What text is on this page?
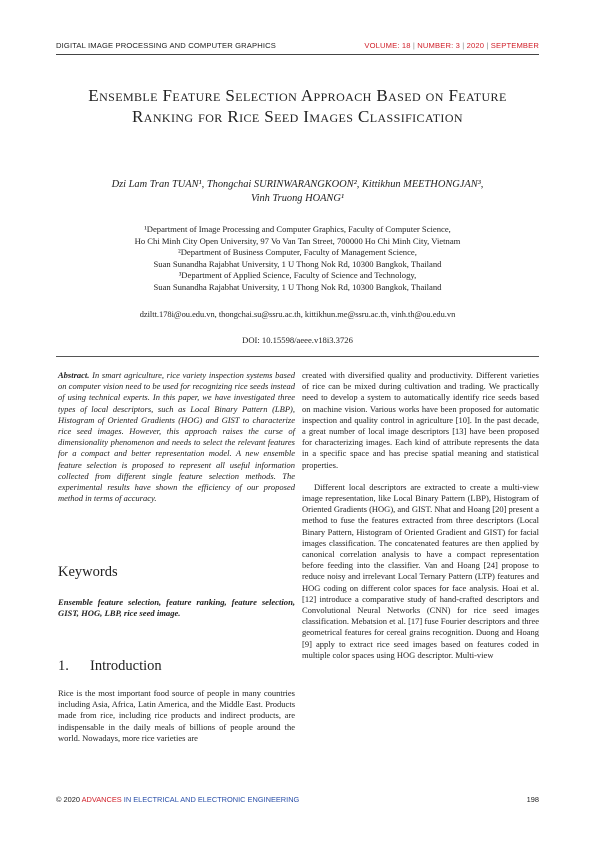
DIGITAL IMAGE PROCESSING AND COMPUTER GRAPHICS	VOLUME: 18 | NUMBER: 3 | 2020 | SEPTEMBER
Ensemble Feature Selection Approach Based on Feature Ranking for Rice Seed Images Classification
Dzi Lam Tran TUAN¹, Thongchai SURINWARANGKOON², Kittikhun MEETHONGJAN³,
Vinh Truong HOANG¹
¹Department of Image Processing and Computer Graphics, Faculty of Computer Science,
Ho Chi Minh City Open University, 97 Vo Van Tan Street, 700000 Ho Chi Minh City, Vietnam
²Department of Business Computer, Faculty of Management Science,
Suan Sunandha Rajabhat University, 1 U Thong Nok Rd, 10300 Bangkok, Thailand
³Department of Applied Science, Faculty of Science and Technology,
Suan Sunandha Rajabhat University, 1 U Thong Nok Rd, 10300 Bangkok, Thailand
dziltt.178i@ou.edu.vn, thongchai.su@ssru.ac.th, kittikhun.me@ssru.ac.th, vinh.th@ou.edu.vn
DOI: 10.15598/aeee.v18i3.3726
Abstract. In smart agriculture, rice variety inspection systems based on computer vision need to be used for recognizing rice seeds instead of using technical experts. In this paper, we have investigated three types of local descriptors, such as Local Binary Pattern (LBP), Histogram of Oriented Gradients (HOG) and GIST to characterize rice seed images. However, this approach raises the curse of dimensionality phenomenon and needs to select the relevant features for a compact and better representation model. A new ensemble feature selection is proposed to represent all useful information collected from different single feature selection methods. The experimental results have shown the efficiency of our proposed method in terms of accuracy.
Keywords
Ensemble feature selection, feature ranking, feature selection, GIST, HOG, LBP, rice seed image.
1. Introduction
Rice is the most important food source of people in many countries including Asia, Africa, Latin America, and the Middle East. Products made from rice, including rice products and indirect products, are indispensable in the daily meals of billions of people around the world. Nowadays, more rice varieties are

created with diversified quality and productivity. Different varieties of rice can be mixed during cultivation and trading. We practically need to develop a system to automatically identify rice seeds based on machine vision. Various works have been proposed for automatic inspection and quality control in agriculture [10]. In the past decade, a great number of local image descriptors [13] have been proposed for characterizing images. Each kind of attribute represents the data in a specific space and has precise spatial meaning and statistical properties.

Different local descriptors are extracted to create a multi-view image representation, like Local Binary Pattern (LBP), Histogram of Oriented Gradients (HOG), and GIST. Nhat and Hoang [20] present a method to fuse the features extracted from three descriptors (Local Binary Pattern, Histogram of Oriented Gradient and GIST) for facial images classification. The concatenated features are then applied by canonical correlation analysis to have a compact representation before feeding into the classifier. Van and Hoang [24] propose to reduce noisy and irrelevant Local Ternary Pattern (LTP) features and HOG coding on different color spaces for face analysis. Hoai et al. [12] introduce a comparative study of hand-crafted descriptors and Convolutional Neural Networks (CNN) for rice seed images classification. Mebatsion et al. [17] fuse Fourier descriptors and three geometrical features for cereal grains recognition. Duong and Hoang [9] apply to extract rice seed images based on features coded in multiple color spaces using HOG descriptor. Multi-view

© 2020 ADVANCES IN ELECTRICAL AND ELECTRONIC ENGINEERING	198
